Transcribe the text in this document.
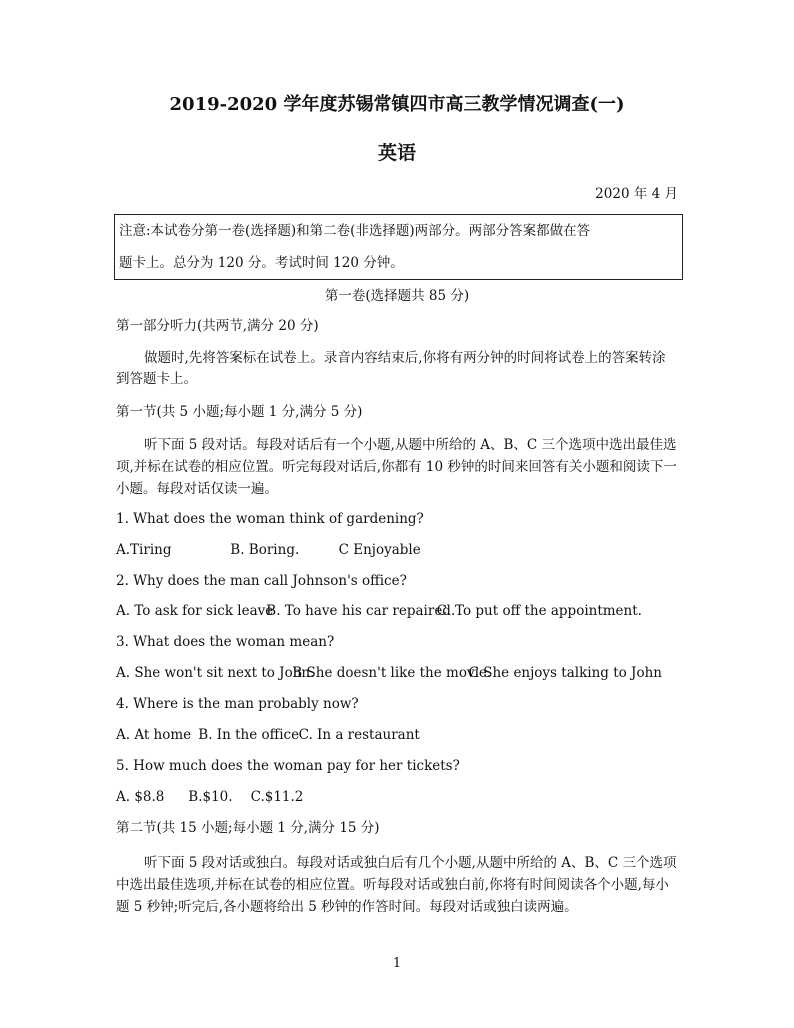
2019-2020 学年度苏锡常镇四市高三教学情况调查(一)
英语
2020 年 4 月
注意:本试卷分第一卷(选择题)和第二卷(非选择题)两部分。两部分答案都做在答
题卡上。总分为 120 分。考试时间 120 分钟。
第一卷(选择题共 85 分)
第一部分听力(共两节,满分 20 分)
做题时,先将答案标在试卷上。录音内容结束后,你将有两分钟的时间将试卷上的答案转涂
到答题卡上。
第一节(共 5 小题;每小题 1 分,满分 5 分)
听下面 5 段对话。每段对话后有一个小题,从题中所给的 A、B、C 三个选项中选出最佳选
项,并标在试卷的相应位置。听完每段对话后,你都有 10 秒钟的时间来回答有关小题和阅读下一
小题。每段对话仅读一遍。
1. What does the woman think of gardening?
A.Tiring	B. Boring.	C Enjoyable
2. Why does the man call Johnson's office?
A. To ask for sick leave B. To have his car repaired. C. To put off the appointment.
3. What does the woman mean?
A. She won't sit next to John. B She doesn't like the movie. C She enjoys talking to John
4. Where is the man probably now?
A. At home B. In the office C. In a restaurant
5. How much does the woman pay for her tickets?
A. $8.8 B.$10. C.$11.2
第二节(共 15 小题;每小题 1 分,满分 15 分)
听下面 5 段对话或独白。每段对话或独白后有几个小题,从题中所给的 A、B、C 三个选项
中选出最佳选项,并标在试卷的相应位置。听每段对话或独白前,你将有时间阅读各个小题,每小
题 5 秒钟;听完后,各小题将给出 5 秒钟的作答时间。每段对话或独白读两遍。
1
